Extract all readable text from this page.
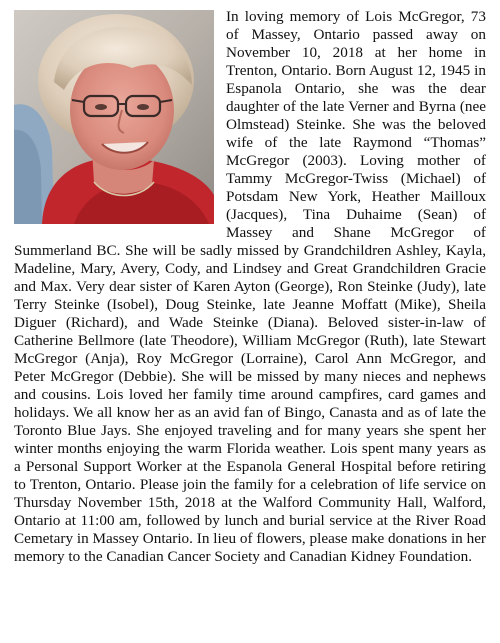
In loving memory of Lois McGregor, 73 of Massey, Ontario passed away on November 10, 2018 at her home in Trenton, Ontario. Born August 12, 1945 in Espanola Ontario, she was the dear daughter of the late Verner and Byrna (nee Olmstead) Steinke. She was the beloved wife of the late Raymond “Thomas” McGregor (2003). Loving mother of Tammy McGregor-Twiss (Michael) of Potsdam New York, Heather Mailloux (Jacques), Tina Duhaime (Sean) of Massey and Shane McGregor of Summerland BC. She will be sadly missed by Grandchildren Ashley, Kayla, Madeline, Mary, Avery, Cody, and Lindsey and Great Grandchildren Gracie and Max. Very dear sister of Karen Ayton (George), Ron Steinke (Judy), late Terry Steinke (Isobel), Doug Steinke, late Jeanne Moffatt (Mike), Sheila Diguer (Richard), and Wade Steinke (Diana). Beloved sister-in-law of Catherine Bellmore (late Theodore), William McGregor (Ruth), late Stewart McGregor (Anja), Roy McGregor (Lorraine), Carol Ann McGregor, and Peter McGregor (Debbie). She will be missed by many nieces and nephews and cousins. Lois loved her family time around campfires, card games and holidays. We all know her as an avid fan of Bingo, Canasta and as of late the Toronto Blue Jays. She enjoyed traveling and for many years she spent her winter months enjoying the warm Florida weather. Lois spent many years as a Personal Support Worker at the Espanola General Hospital before retiring to Trenton, Ontario. Please join the family for a celebration of life service on Thursday November 15th, 2018 at the Walford Community Hall, Walford, Ontario at 11:00 am, followed by lunch and burial service at the River Road Cemetary in Massey Ontario. In lieu of flowers, please make donations in her memory to the Canadian Cancer Society and Canadian Kidney Foundation.
